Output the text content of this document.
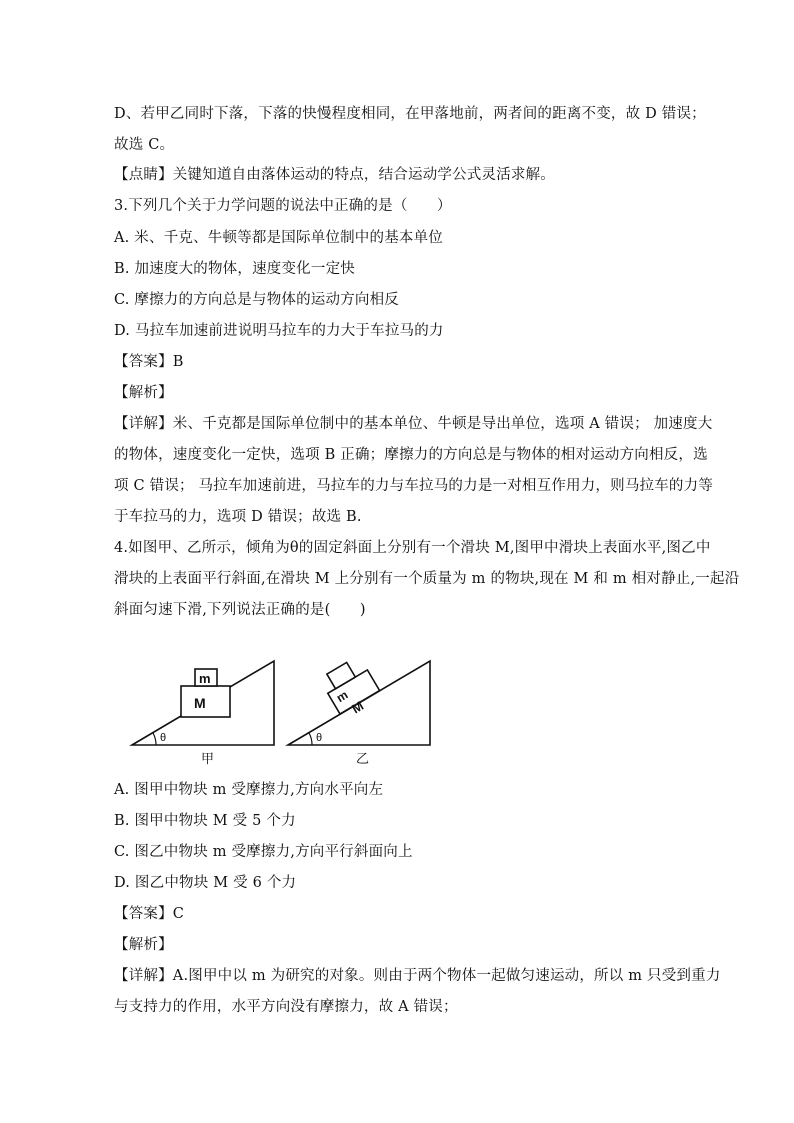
D、若甲乙同时下落，下落的快慢程度相同，在甲落地前，两者间的距离不变，故 D 错误；
故选 C。
【点睛】关键知道自由落体运动的特点，结合运动学公式灵活求解。
3.下列几个关于力学问题的说法中正确的是（　　）
A. 米、千克、牛顿等都是国际单位制中的基本单位
B. 加速度大的物体，速度变化一定快
C. 摩擦力的方向总是与物体的运动方向相反
D. 马拉车加速前进说明马拉车的力大于车拉马的力
【答案】B
【解析】
【详解】米、千克都是国际单位制中的基本单位、牛顿是导出单位，选项 A 错误； 加速度大
的物体，速度变化一定快，选项 B 正确；摩擦力的方向总是与物体的相对运动方向相反，选
项 C 错误； 马拉车加速前进，马拉车的力与车拉马的力是一对相互作用力，则马拉车的力等
于车拉马的力，选项 D 错误；故选 B.
4.如图甲、乙所示，倾角为θ的固定斜面上分别有一个滑块 M,图甲中滑块上表面水平,图乙中
滑块的上表面平行斜面,在滑块 M 上分别有一个质量为 m 的物块,现在 M 和 m 相对静止,一起沿
斜面匀速下滑,下列说法正确的是(　　)
m
M
θ
甲
m
M
θ
乙
A. 图甲中物块 m 受摩擦力,方向水平向左
B. 图甲中物块 M 受 5 个力
C. 图乙中物块 m 受摩擦力,方向平行斜面向上
D. 图乙中物块 M 受 6 个力
【答案】C
【解析】
【详解】A.图甲中以 m 为研究的对象。则由于两个物体一起做匀速运动，所以 m 只受到重力
与支持力的作用，水平方向没有摩擦力，故 A 错误；
